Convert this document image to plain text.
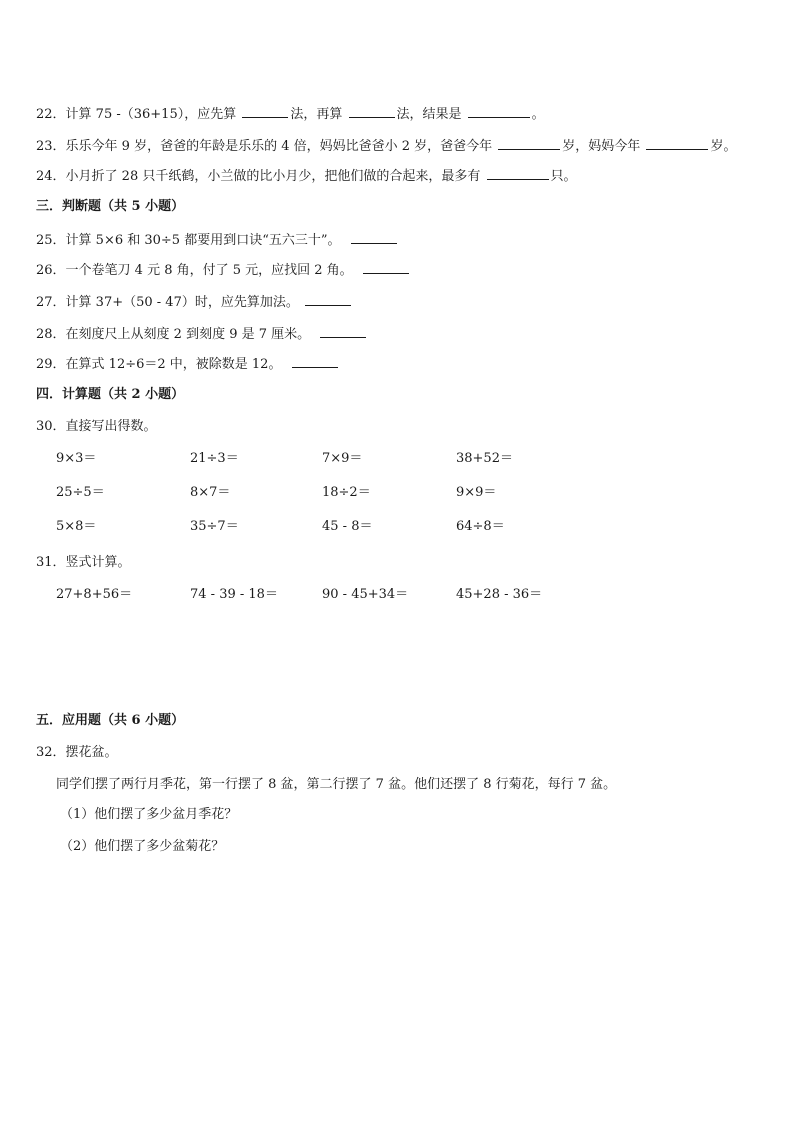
22．计算 75 -（36+15），应先算	法，再算	法，结果是	。
23．乐乐今年 9 岁，爸爸的年龄是乐乐的 4 倍，妈妈比爸爸小 2 岁，爸爸今年	岁，妈妈今年	岁。
24．小月折了 28 只千纸鹤，小兰做的比小月少，把他们做的合起来，最多有	只。
三．判断题（共 5 小题）
25．计算 5×6 和 30÷5 都要用到口诀“五六三十”。
26．一个卷笔刀 4 元 8 角，付了 5 元，应找回 2 角。
27．计算 37+（50 - 47）时，应先算加法。
28．在刻度尺上从刻度 2 到刻度 9 是 7 厘米。
29．在算式 12÷6＝2 中，被除数是 12。
四．计算题（共 2 小题）
30．直接写出得数。
9×3＝	21÷3＝	7×9＝	38+52＝
25÷5＝	8×7＝	18÷2＝	9×9＝
5×8＝	35÷7＝	45 - 8＝	64÷8＝
31．竖式计算。
27+8+56＝	74 - 39 - 18＝	90 - 45+34＝	45+28 - 36＝
五．应用题（共 6 小题）
32．摆花盆。
同学们摆了两行月季花，第一行摆了 8 盆，第二行摆了 7 盆。他们还摆了 8 行菊花，每行 7 盆。
（1）他们摆了多少盆月季花？
（2）他们摆了多少盆菊花？
